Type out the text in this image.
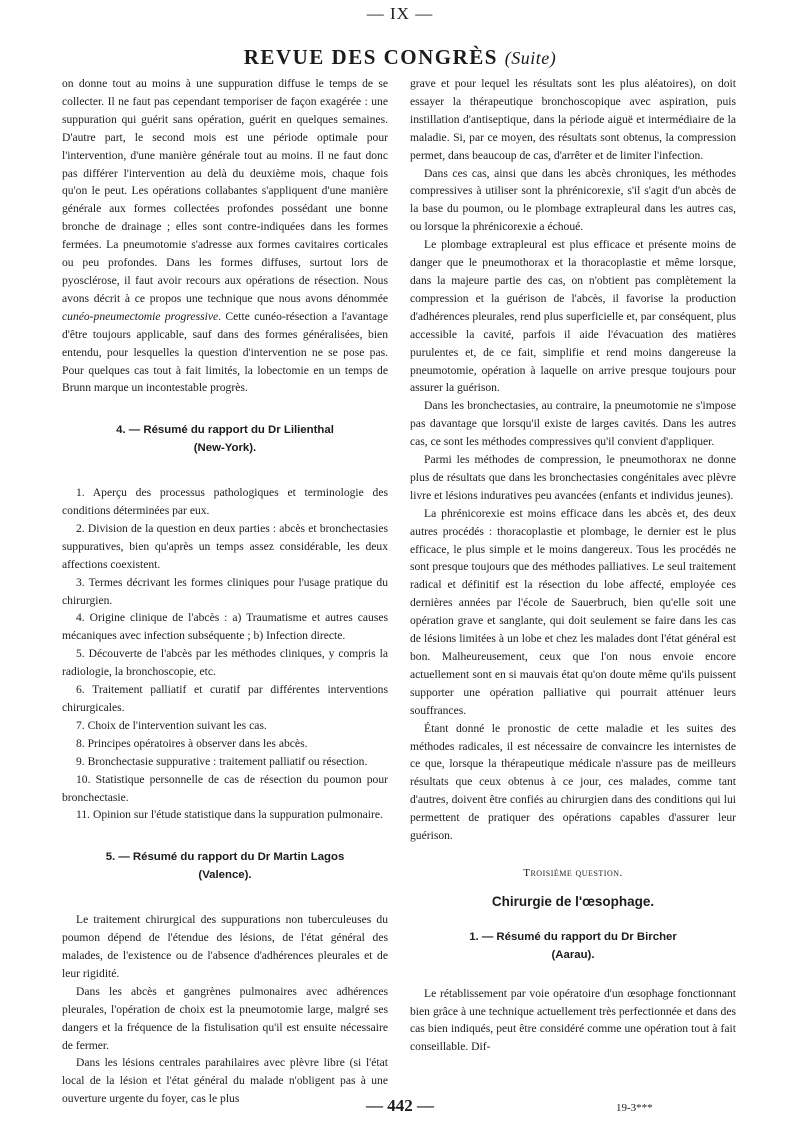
— IX —
REVUE DES CONGRÈS (Suite)

on donne tout au moins à une suppuration diffuse le temps de se collecter. Il ne faut pas cependant temporiser de façon exagérée : une suppuration qui guérit sans opération, guérit en quelques semaines. D'autre part, le second mois est une période optimale pour l'intervention, d'une manière générale tout au moins. Il ne faut donc pas différer l'intervention au delà du deuxième mois, chaque fois qu'on le peut. Les opérations collabantes s'appliquent d'une manière générale aux formes collectées profondes possédant une bonne bronche de drainage ; elles sont contre-indiquées dans les formes fermées. La pneumotomie s'adresse aux formes cavitaires corticales ou peu profondes. Dans les formes diffuses, surtout lors de pyosclérose, il faut avoir recours aux opérations de résection. Nous avons décrit à ce propos une technique que nous avons dénommée cunéo-pneumectomie progressive. Cette cunéo-résection a l'avantage d'être toujours applicable, sauf dans des formes généralisées, bien entendu, pour lesquelles la question d'intervention ne se pose pas. Pour quelques cas tout à fait limités, la lobectomie en un temps de Brunn marque un incontestable progrès.

4. — Résumé du rapport du Dr Lilienthal
(New-York).

1. Aperçu des processus pathologiques et terminologie des conditions déterminées par eux.

2. Division de la question en deux parties : abcès et bronchectasies suppuratives, bien qu'après un temps assez considérable, les deux affections coexistent.

3. Termes décrivant les formes cliniques pour l'usage pratique du chirurgien.

4. Origine clinique de l'abcès : a) Traumatisme et autres causes mécaniques avec infection subséquente ; b) Infection directe.

5. Découverte de l'abcès par les méthodes cliniques, y compris la radiologie, la bronchoscopie, etc.

6. Traitement palliatif et curatif par différentes interventions chirurgicales.

7. Choix de l'intervention suivant les cas.

8. Principes opératoires à observer dans les abcès.

9. Bronchectasie suppurative : traitement palliatif ou résection.

10. Statistique personnelle de cas de résection du poumon pour bronchectasie.

11. Opinion sur l'étude statistique dans la suppuration pulmonaire.

5. — Résumé du rapport du Dr Martin Lagos
(Valence).

Le traitement chirurgical des suppurations non tuberculeuses du poumon dépend de l'étendue des lésions, de l'état général des malades, de l'existence ou de l'absence d'adhérences pleurales et de leur rigidité.

Dans les abcès et gangrènes pulmonaires avec adhérences pleurales, l'opération de choix est la pneumotomie large, malgré ses dangers et la fréquence de la fistulisation qu'il est ensuite nécessaire de fermer.

Dans les lésions centrales parahilaires avec plèvre libre (si l'état local de la lésion et l'état général du malade n'obligent pas à une ouverture urgente du foyer, cas le plus

grave et pour lequel les résultats sont les plus aléatoires), on doit essayer la thérapeutique bronchoscopique avec aspiration, puis instillation d'antiseptique, dans la période aiguë et intermédiaire de la maladie. Si, par ce moyen, des résultats sont obtenus, la compression permet, dans beaucoup de cas, d'arrêter et de limiter l'infection.

Dans ces cas, ainsi que dans les abcès chroniques, les méthodes compressives à utiliser sont la phrénicorexie, s'il s'agit d'un abcès de la base du poumon, ou le plombage extrapleural dans les autres cas, ou lorsque la phrénicorexie a échoué.

Le plombage extrapleural est plus efficace et présente moins de danger que le pneumothorax et la thoracoplastie et même lorsque, dans la majeure partie des cas, on n'obtient pas complètement la compression et la guérison de l'abcès, il favorise la production d'adhérences pleurales, rend plus superficielle et, par conséquent, plus accessible la cavité, parfois il aide l'évacuation des matières purulentes et, de ce fait, simplifie et rend moins dangereuse la pneumotomie, opération à laquelle on arrive presque toujours pour assurer la guérison.

Dans les bronchectasies, au contraire, la pneumotomie ne s'impose pas davantage que lorsqu'il existe de larges cavités. Dans les autres cas, ce sont les méthodes compressives qu'il convient d'appliquer.

Parmi les méthodes de compression, le pneumothorax ne donne plus de résultats que dans les bronchectasies congénitales avec plèvre livre et lésions induratives peu avancées (enfants et individus jeunes).

La phrénicorexie est moins efficace dans les abcès et, des deux autres procédés : thoracoplastie et plombage, le dernier est le plus efficace, le plus simple et le moins dangereux. Tous les procédés ne sont presque toujours que des méthodes palliatives. Le seul traitement radical et définitif est la résection du lobe affecté, employée ces dernières années par l'école de Sauerbruch, bien qu'elle soit une opération grave et sanglante, qui doit seulement se faire dans les cas de lésions limitées à un lobe et chez les malades dont l'état général est bon. Malheureusement, ceux que l'on nous envoie encore actuellement sont en si mauvais état qu'on doute même qu'ils puissent supporter une opération palliative qui pourrait atténuer leurs souffrances.

Étant donné le pronostic de cette maladie et les suites des méthodes radicales, il est nécessaire de convaincre les internistes de ce que, lorsque la thérapeutique médicale n'assure pas de meilleurs résultats que ceux obtenus à ce jour, ces malades, comme tant d'autres, doivent être confiés au chirurgien dans des conditions qui lui permettent de pratiquer des opérations capables d'assurer leur guérison.

Troisième question.
Chirurgie de l'œsophage.
1. — Résumé du rapport du Dr Bircher
(Aarau).

Le rétablissement par voie opératoire d'un œsophage fonctionnant bien grâce à une technique actuellement très perfectionnée et dans des cas bien indiqués, peut être considéré comme une opération tout à fait conseillable. Dif-

— 442 —	19-3***
